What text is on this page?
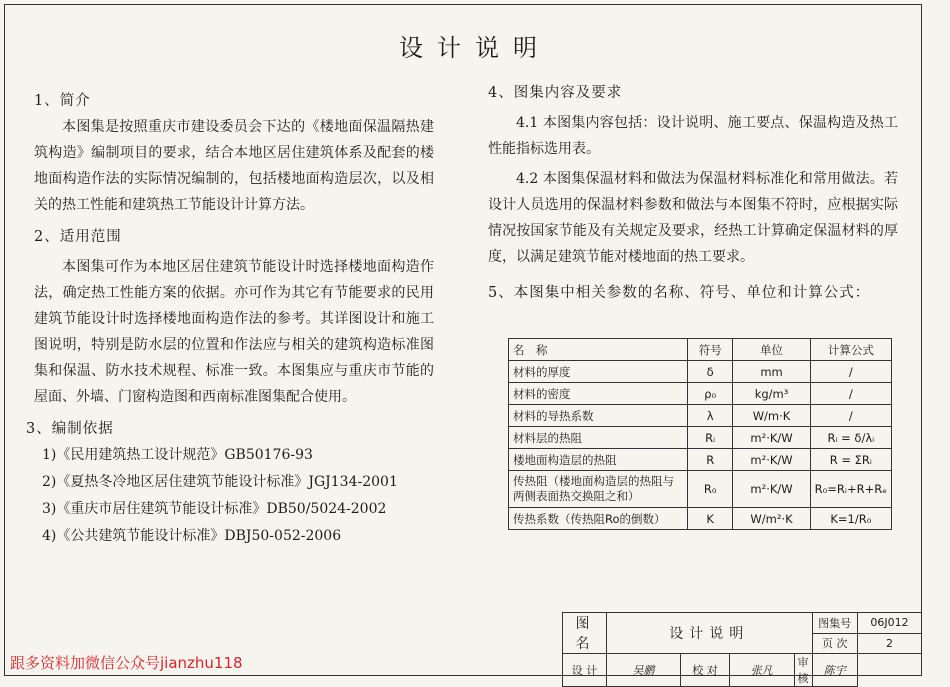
设计说明
1、简介

本图集是按照重庆市建设委员会下达的《楼地面保温隔热建筑构造》编制项目的要求，结合本地区居住建筑体系及配套的楼地面构造作法的实际情况编制的，包括楼地面构造层次，以及相关的热工性能和建筑热工节能设计计算方法。

2、适用范围

本图集可作为本地区居住建筑节能设计时选择楼地面构造作法，确定热工性能方案的依据。亦可作为其它有节能要求的民用建筑节能设计时选择楼地面构造作法的参考。其详图设计和施工图说明，特别是防水层的位置和作法应与相关的建筑构造标准图集和保温、防水技术规程、标准一致。本图集应与重庆市节能的屋面、外墙、门窗构造图和西南标准图集配合使用。

3、编制依据
1)《民用建筑热工设计规范》GB50176-93
2)《夏热冬冷地区居住建筑节能设计标准》JGJ134-2001
3)《重庆市居住建筑节能设计标准》DB50/5024-2002
4)《公共建筑节能设计标准》DBJ50-052-2006
4、图集内容及要求

4.1 本图集内容包括：设计说明、施工要点、保温构造及热工性能指标选用表。

4.2 本图集保温材料和做法为保温材料标准化和常用做法。若设计人员选用的保温材料参数和做法与本图集不符时，应根据实际情况按国家节能及有关规定及要求，经热工计算确定保温材料的厚度，以满足建筑节能对楼地面的热工要求。

5、本图集中相关参数的名称、符号、单位和计算公式：
名　称	符号	单位	计算公式
材料的厚度	δ	mm	/
材料的密度	ρ₀	kg/m³	/
材料的导热系数	λ	W/m·K	/
材料层的热阻	Rᵢ	m²·K/W	Rᵢ = δ/λᵢ
楼地面构造层的热阻	R	m²·K/W	R = ΣRᵢ
传热阻（楼地面构造层的热阻与两侧表面热交换阻之和）	R₀	m²·K/W	R₀=Rᵢ+R+Rₑ
传热系数（传热阻Ro的倒数）	K	W/m²·K	K=1/R₀
图 名	设计说明				图集号	06J012
					页 次	2
设 计	吴鹏	校 对	张凡	审 核	陈宇	
跟多资料加微信公众号jianzhu118
